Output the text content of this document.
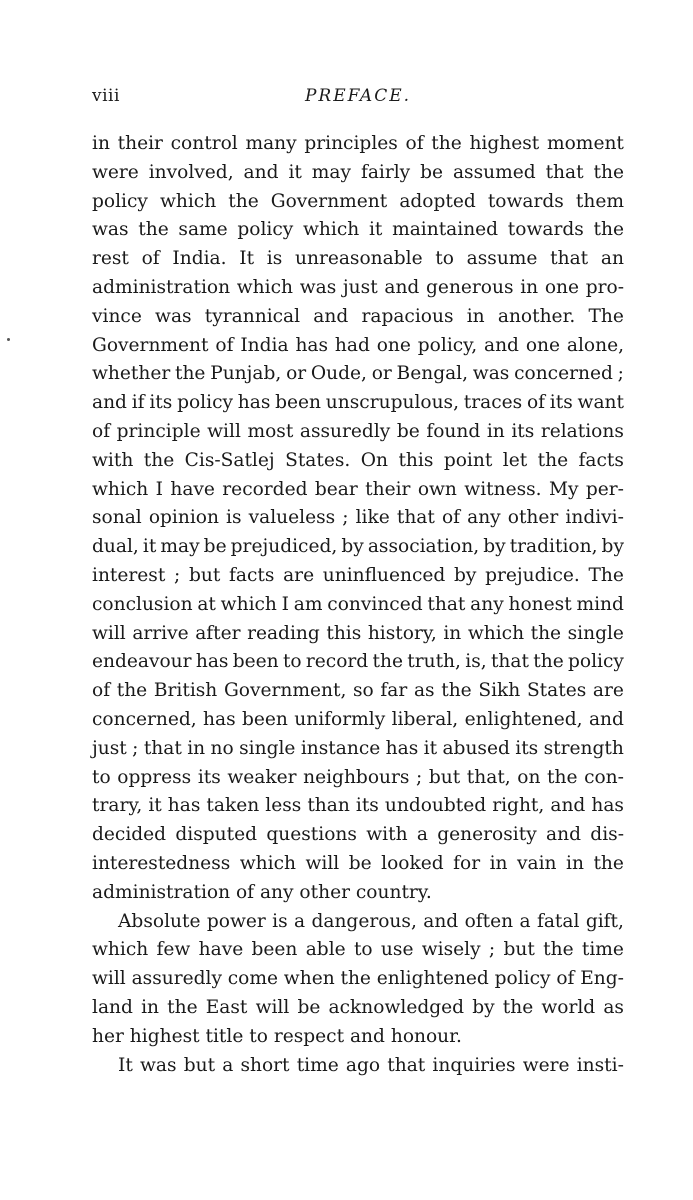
viii	PREFACE.
in their control many principles of the highest moment
were involved, and it may fairly be assumed that the
policy which the Government adopted towards them
was the same policy which it maintained towards the
rest of India. It is unreasonable to assume that an
administration which was just and generous in one pro-
vince was tyrannical and rapacious in another. The
Government of India has had one policy, and one alone,
whether the Punjab, or Oude, or Bengal, was concerned ;
and if its policy has been unscrupulous, traces of its want
of principle will most assuredly be found in its relations
with the Cis-Satlej States. On this point let the facts
which I have recorded bear their own witness. My per-
sonal opinion is valueless ; like that of any other indivi-
dual, it may be prejudiced, by association, by tradition, by
interest ; but facts are uninfluenced by prejudice. The
conclusion at which I am convinced that any honest mind
will arrive after reading this history, in which the single
endeavour has been to record the truth, is, that the policy
of the British Government, so far as the Sikh States are
concerned, has been uniformly liberal, enlightened, and
just ; that in no single instance has it abused its strength
to oppress its weaker neighbours ; but that, on the con-
trary, it has taken less than its undoubted right, and has
decided disputed questions with a generosity and dis-
interestedness which will be looked for in vain in the
administration of any other country.
Absolute power is a dangerous, and often a fatal gift,
which few have been able to use wisely ; but the time
will assuredly come when the enlightened policy of Eng-
land in the East will be acknowledged by the world as
her highest title to respect and honour.
It was but a short time ago that inquiries were insti-
